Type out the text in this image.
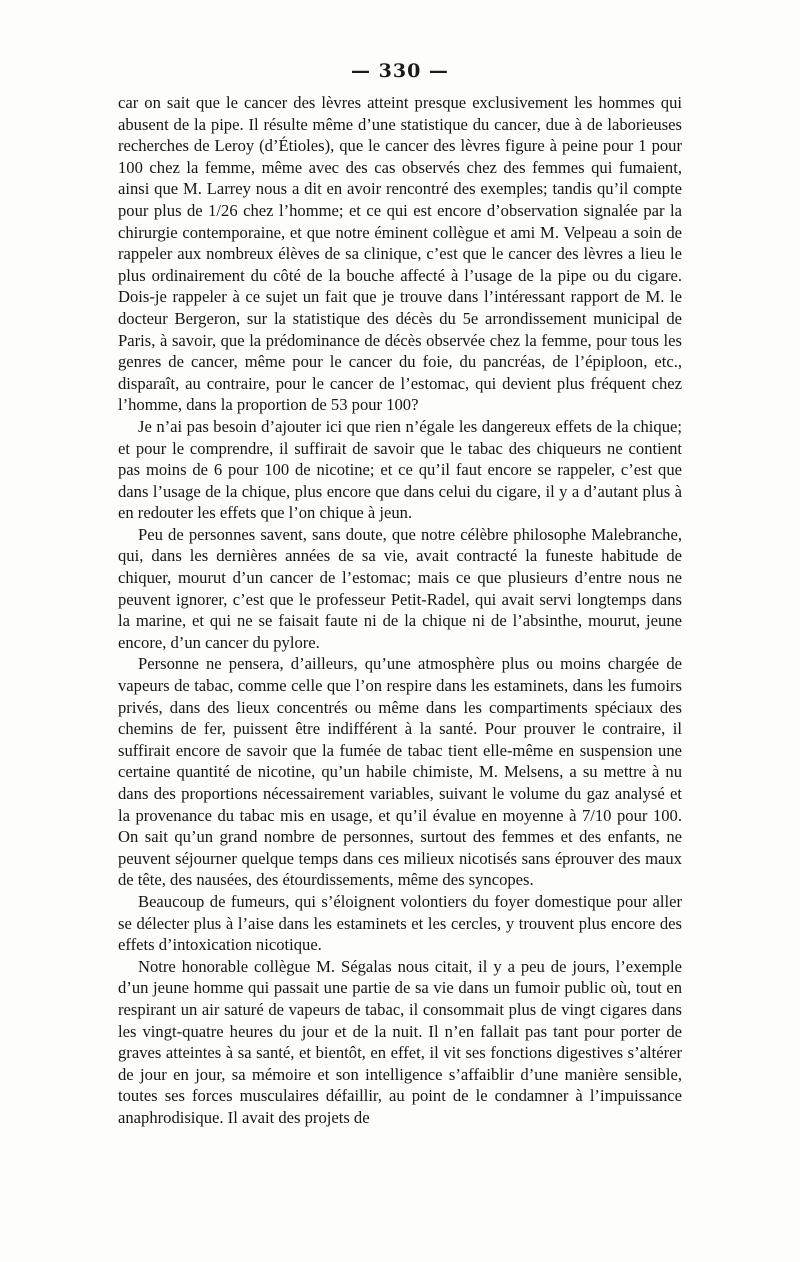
— 330 —

car on sait que le cancer des lèvres atteint presque exclusivement les hommes qui abusent de la pipe. Il résulte même d’une statistique du cancer, due à de laborieuses recherches de Leroy (d’Étioles), que le cancer des lèvres figure à peine pour 1 pour 100 chez la femme, même avec des cas observés chez des femmes qui fumaient, ainsi que M. Larrey nous a dit en avoir rencontré des exemples; tandis qu’il compte pour plus de 1/26 chez l’homme; et ce qui est encore d’observation signalée par la chirurgie contemporaine, et que notre éminent collègue et ami M. Velpeau a soin de rappeler aux nombreux élèves de sa clinique, c’est que le cancer des lèvres a lieu le plus ordinairement du côté de la bouche affecté à l’usage de la pipe ou du cigare. Dois-je rappeler à ce sujet un fait que je trouve dans l’intéressant rapport de M. le docteur Bergeron, sur la statistique des décès du 5e arrondissement municipal de Paris, à savoir, que la prédominance de décès observée chez la femme, pour tous les genres de cancer, même pour le cancer du foie, du pancréas, de l’épiploon, etc., disparaît, au contraire, pour le cancer de l’estomac, qui devient plus fréquent chez l’homme, dans la proportion de 53 pour 100?

Je n’ai pas besoin d’ajouter ici que rien n’égale les dangereux effets de la chique; et pour le comprendre, il suffirait de savoir que le tabac des chiqueurs ne contient pas moins de 6 pour 100 de nicotine; et ce qu’il faut encore se rappeler, c’est que dans l’usage de la chique, plus encore que dans celui du cigare, il y a d’autant plus à en redouter les effets que l’on chique à jeun.

Peu de personnes savent, sans doute, que notre célèbre philosophe Malebranche, qui, dans les dernières années de sa vie, avait contracté la funeste habitude de chiquer, mourut d’un cancer de l’estomac; mais ce que plusieurs d’entre nous ne peuvent ignorer, c’est que le professeur Petit-Radel, qui avait servi longtemps dans la marine, et qui ne se faisait faute ni de la chique ni de l’absinthe, mourut, jeune encore, d’un cancer du pylore.

Personne ne pensera, d’ailleurs, qu’une atmosphère plus ou moins chargée de vapeurs de tabac, comme celle que l’on respire dans les estaminets, dans les fumoirs privés, dans des lieux concentrés ou même dans les compartiments spéciaux des chemins de fer, puissent être indifférent à la santé. Pour prouver le contraire, il suffirait encore de savoir que la fumée de tabac tient elle-même en suspension une certaine quantité de nicotine, qu’un habile chimiste, M. Melsens, a su mettre à nu dans des proportions nécessairement variables, suivant le volume du gaz analysé et la provenance du tabac mis en usage, et qu’il évalue en moyenne à 7/10 pour 100. On sait qu’un grand nombre de personnes, surtout des femmes et des enfants, ne peuvent séjourner quelque temps dans ces milieux nicotisés sans éprouver des maux de tête, des nausées, des étourdissements, même des syncopes.

Beaucoup de fumeurs, qui s’éloignent volontiers du foyer domestique pour aller se délecter plus à l’aise dans les estaminets et les cercles, y trouvent plus encore des effets d’intoxication nicotique.

Notre honorable collègue M. Ségalas nous citait, il y a peu de jours, l’exemple d’un jeune homme qui passait une partie de sa vie dans un fumoir public où, tout en respirant un air saturé de vapeurs de tabac, il consommait plus de vingt cigares dans les vingt-quatre heures du jour et de la nuit. Il n’en fallait pas tant pour porter de graves atteintes à sa santé, et bientôt, en effet, il vit ses fonctions digestives s’altérer de jour en jour, sa mémoire et son intelligence s’affaiblir d’une manière sensible, toutes ses forces musculaires défaillir, au point de le condamner à l’impuissance anaphrodisique. Il avait des projets de
